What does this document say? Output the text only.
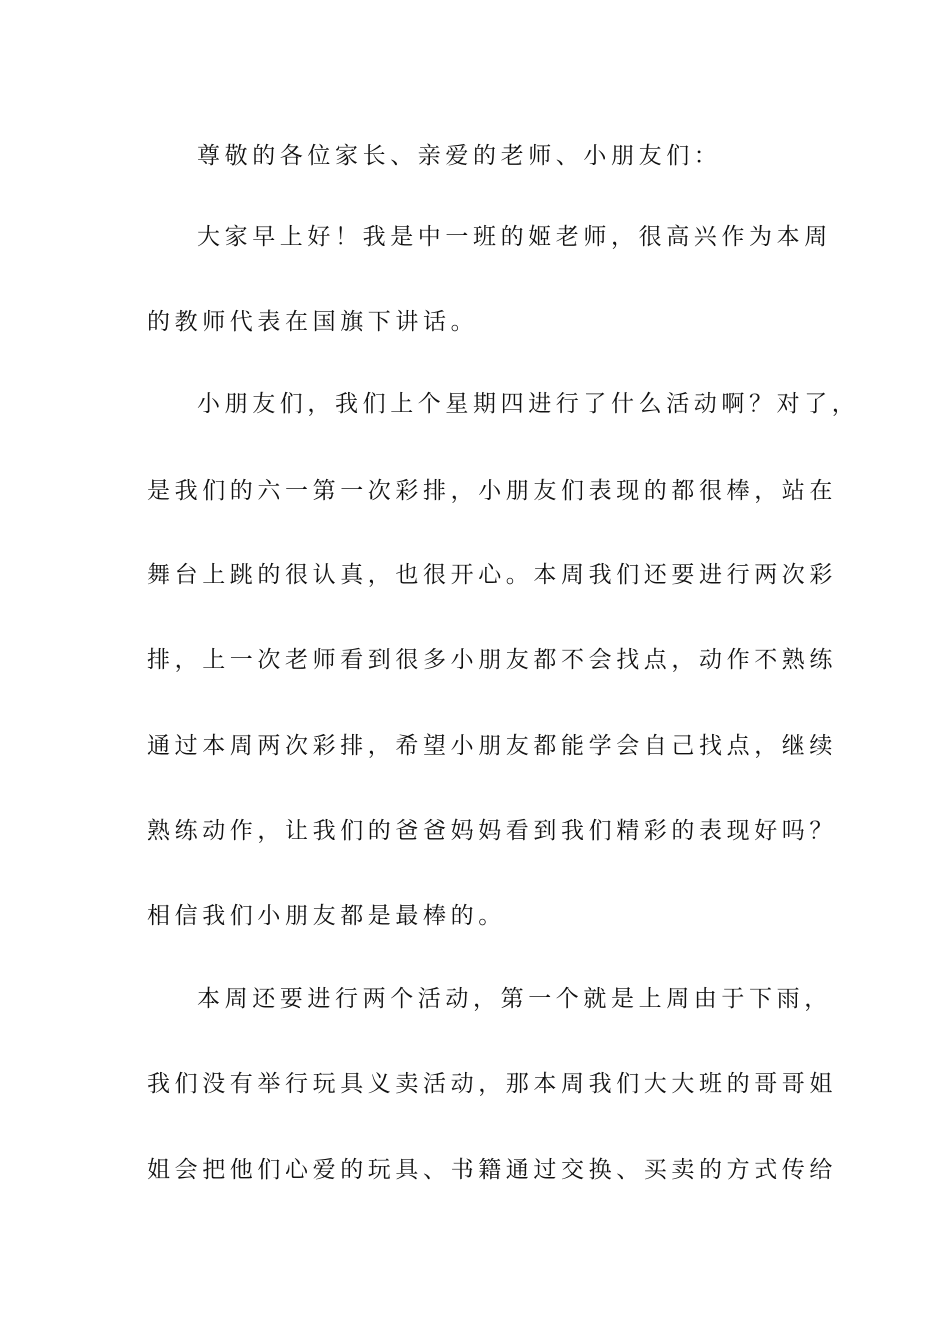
尊敬的各位家长、亲爱的老师、小朋友们：
大家早上好！我是中一班的姬老师，很高兴作为本周
的教师代表在国旗下讲话。
小朋友们，我们上个星期四进行了什么活动啊？对了，
是我们的六一第一次彩排，小朋友们表现的都很棒，站在
舞台上跳的很认真，也很开心。本周我们还要进行两次彩
排，上一次老师看到很多小朋友都不会找点，动作不熟练
通过本周两次彩排，希望小朋友都能学会自己找点，继续
熟练动作，让我们的爸爸妈妈看到我们精彩的表现好吗？
相信我们小朋友都是最棒的。
本周还要进行两个活动，第一个就是上周由于下雨，
我们没有举行玩具义卖活动，那本周我们大大班的哥哥姐
姐会把他们心爱的玩具、书籍通过交换、买卖的方式传给
